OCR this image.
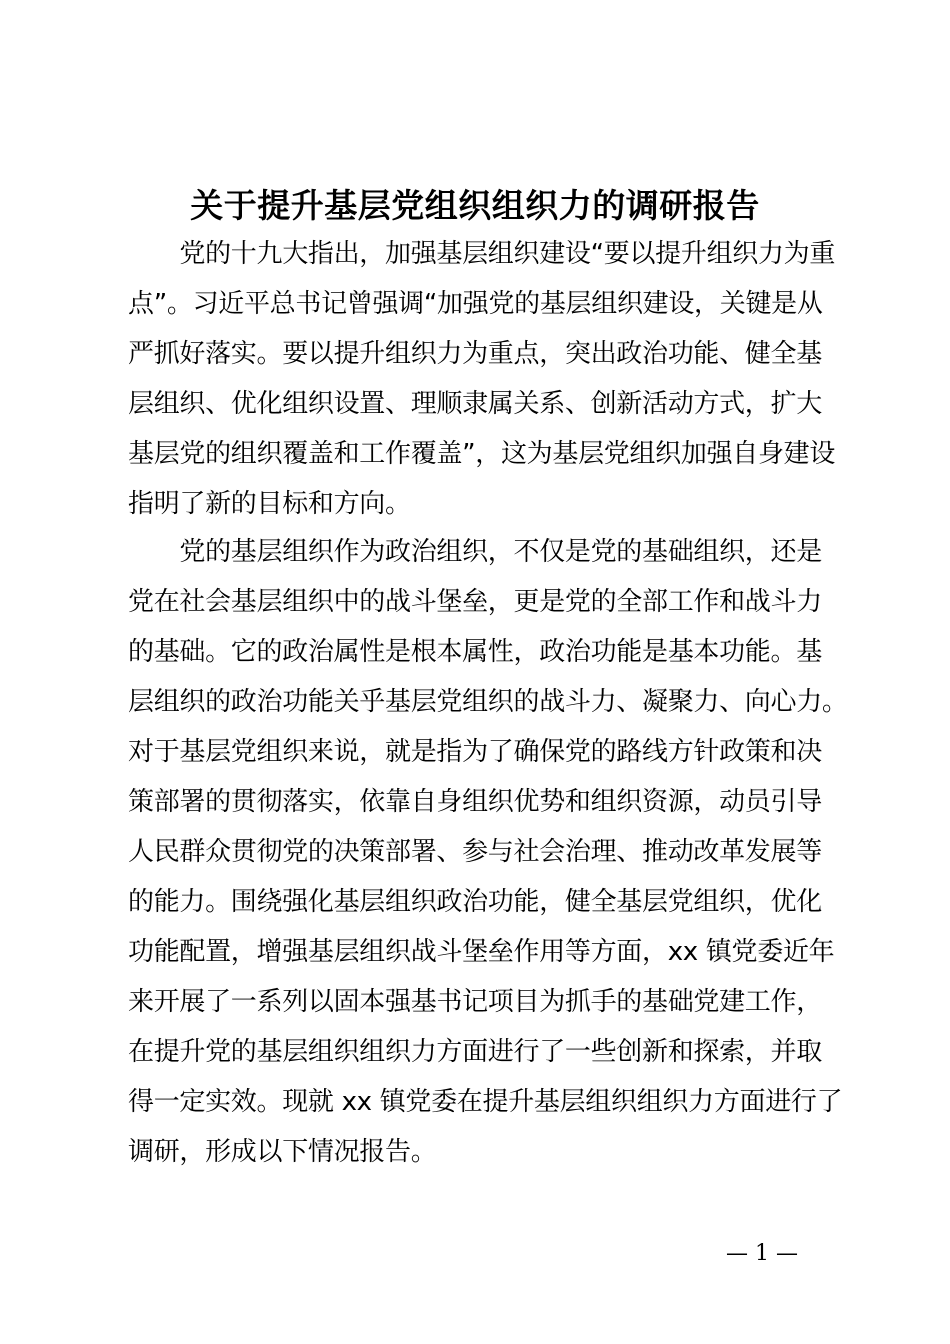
关于提升基层党组织组织力的调研报告
　　党的十九大指出，加强基层组织建设“要以提升组织力为重
点”。习近平总书记曾强调“加强党的基层组织建设，关键是从
严抓好落实。要以提升组织力为重点，突出政治功能、健全基
层组织、优化组织设置、理顺隶属关系、创新活动方式，扩大
基层党的组织覆盖和工作覆盖”，这为基层党组织加强自身建设
指明了新的目标和方向。
　　党的基层组织作为政治组织，不仅是党的基础组织，还是
党在社会基层组织中的战斗堡垒，更是党的全部工作和战斗力
的基础。它的政治属性是根本属性，政治功能是基本功能。基
层组织的政治功能关乎基层党组织的战斗力、凝聚力、向心力。
对于基层党组织来说，就是指为了确保党的路线方针政策和决
策部署的贯彻落实，依靠自身组织优势和组织资源，动员引导
人民群众贯彻党的决策部署、参与社会治理、推动改革发展等
的能力。围绕强化基层组织政治功能，健全基层党组织，优化
功能配置，增强基层组织战斗堡垒作用等方面，xx 镇党委近年
来开展了一系列以固本强基书记项目为抓手的基础党建工作，
在提升党的基层组织组织力方面进行了一些创新和探索，并取
得一定实效。现就 xx 镇党委在提升基层组织组织力方面进行了
调研，形成以下情况报告。
— 1 —
